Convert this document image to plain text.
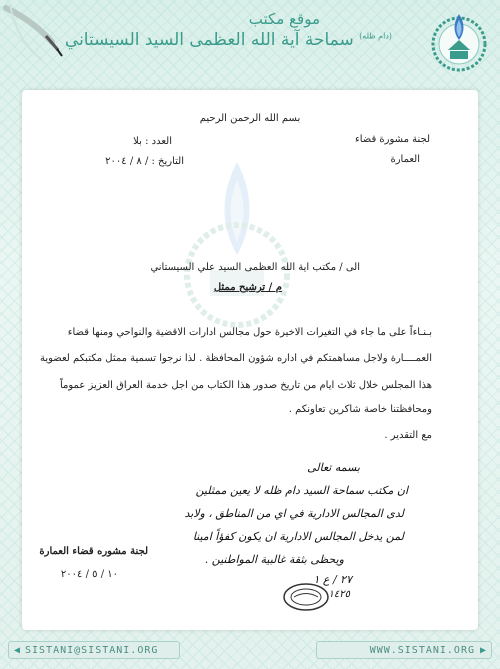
موقع مكتب
$^{(دام ظله)}$ سماحة آية الله العظمى السيد السيستاني
بسم الله الرحمن الرحيم
لجنة مشورة قضاء
العمارة
العدد : بلا
التاريخ : / ٨ / ٢٠٠٤
الى / مكتب اية الله العظمى السيد علي السيستاني
م / ترشيح ممثل
بـنـاءاً على ما جاء في التغيرات الاخيرة حول مجالس ادارات الاقضية والنواحي ومنها قضاء
العمــــارة ولاجل مساهمتكم في اداره شؤون المحافظة . لذا نرجوا تسمية ممثل مكتبكم لعضوية
هذا المجلس خلال ثلاث ايام من تاريخ صدور هذا الكتاب من اجل خدمة العراق العزيز عموماً
ومحافظتنا خاصة شاكرين تعاونكم .
مع التقدير .
بسمه تعالى
ان مكتب سماحة السيد دام ظله لا يعين ممثلين
لدى المجالس الادارية في اي من المناطق ، ولابد
لمن يدخل المجالس الادارية ان يكون كفؤاً امينا
ويحظى بثقة غالبية المواطنين .
٢٧ / ع ١
١٤٢٥
لجنة مشوره قضاء العمارة
١٠ / ٥ / ٢٠٠٤
◀ SISTANI@SISTANI.ORG	WWW.SISTANI.ORG ▶
